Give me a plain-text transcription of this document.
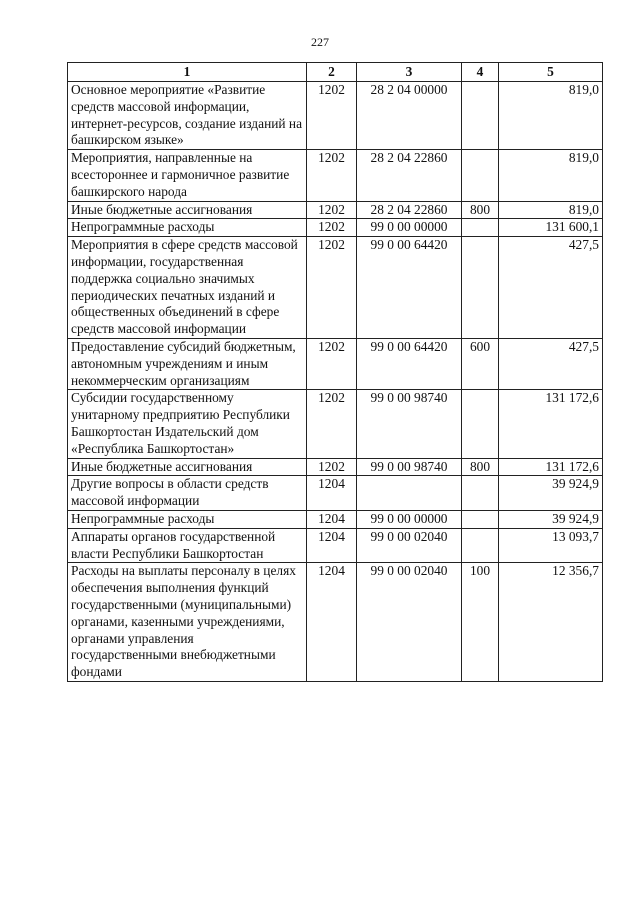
227
1	2	3	4	5
Основное мероприятие «Развитие средств массовой информации, интернет-ресурсов, создание изданий на башкирском языке»	1202	28 2 04 00000		819,0
Мероприятия, направленные на всестороннее и гармоничное развитие башкирского народа	1202	28 2 04 22860		819,0
Иные бюджетные ассигнования	1202	28 2 04 22860	800	819,0
Непрограммные расходы	1202	99 0 00 00000		131 600,1
Мероприятия в сфере средств массовой информации, государственная поддержка социально значимых периодических печатных изданий и общественных объединений в сфере средств массовой информации	1202	99 0 00 64420		427,5
Предоставление субсидий бюджетным, автономным учреждениям и иным некоммерческим организациям	1202	99 0 00 64420	600	427,5
Субсидии государственному унитарному предприятию Республики Башкортостан Издательский дом «Республика Башкортостан»	1202	99 0 00 98740		131 172,6
Иные бюджетные ассигнования	1202	99 0 00 98740	800	131 172,6
Другие вопросы в области средств массовой информации	1204			39 924,9
Непрограммные расходы	1204	99 0 00 00000		39 924,9
Аппараты органов государственной власти Республики Башкортостан	1204	99 0 00 02040		13 093,7
Расходы на выплаты персоналу в целях обеспечения выполнения функций государственными (муниципальными) органами, казенными учреждениями, органами управления государственными внебюджетными фондами	1204	99 0 00 02040	100	12 356,7
